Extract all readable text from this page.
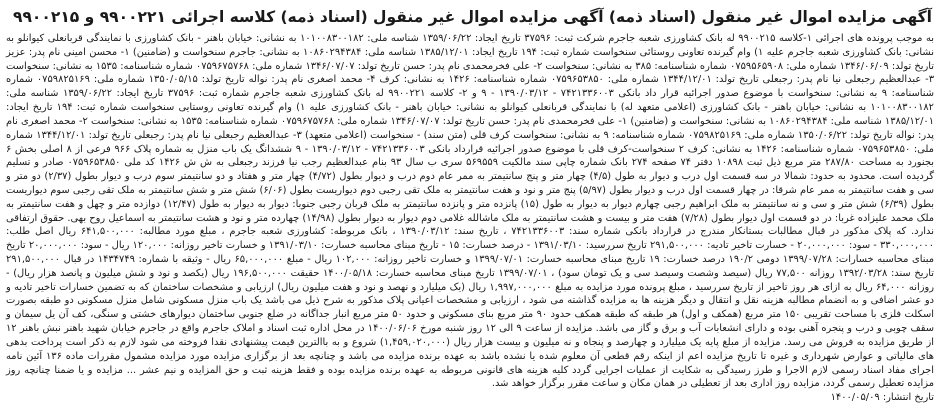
آگهی مزایده اموال غیر منقول (اسناد ذمه) آگهی مزایده اموال غیر منقول (اسناد ذمه) کلاسه اجرائی ۹۹۰۰۲۲۱ و ۹۹۰۰۲۱۵

به موجب پرونده های اجرائی ۱-کلاسه ۹۹۰۰۲۱۵ له بانک کشاورزی شعبه جاجرم شرکت ثبت: ۳۷۵۹۶ تاریخ ایجاد: ۱۳۵۹/۰۶/۲۲ شناسه ملی: ۱۰۱۰۰۸۳۰۰۱۸۲ به نشانی: خیابان باهنر - بانک کشاورزی با نمایندگی قربانعلی کیوانلو به نشانی: بانک کشاورزی شعبه جاجرم علیه ۱) وام گیرنده تعاونی روستائی سنخواست شماره ثبت: ۱۹۴ تاریخ ایجاد: ۱۳۸۵/۱۲/۰۱ شناسه ملی: ۱۰۸۶۰۲۹۴۳۸۴ به نشانی: جاجرم سنخواست و (ضامنین) ۱- محسن امینی نام پدر: عزیز تاریخ تولد: ۱۳۴۶/۰۶/۰۹ شماره ملی: ۰۷۵۹۵۶۵۹۰۸ شماره شناسنامه: ۳۸۵ به نشانی: سنخواست ۲- علی فخرمحمدی نام پدر: حسن تاریخ تولد: ۱۳۴۶/۰۷/۰۷ شماره ملی: ۰۷۵۹۶۷۵۷۶۸ شماره شناسنامه: ۱۵۳۵ به نشانی: سنخواست ۳- عبدالعظیم رجبعلی نیا نام پدر: رجبعلی تاریخ تولد: ۱۳۴۴/۱۲/۰۱ شماره ملی: ۰۷۵۹۶۵۳۸۵۰ شماره شناسنامه: ۱۴۲۶ به نشانی: کرف ۴- محمد اصغری نام پدر: نواله تاریخ تولد: ۱۳۵۰/۰۵/۱۵ شماره ملی: ۰۷۵۹۸۲۵۱۶۹ شماره شناسنامه: ۹ به نشانی: سنخواست با موضوع صدور اجرائیه قرار داد بانکی ۷۴۲۱۳۳۶۰۰۳ - ۱۳۹۰/۰۳/۱۲ - ۹ و ۲- کلاسه ۹۹۰۰۲۲۱ له بانک کشاورزی شعبه جاجرم شماره ثبت: ۳۷۵۹۶ تاریخ ایجاد: ۱۳۵۹/۰۶/۲۲ شناسه ملی: ۱۰۱۰۰۸۳۰۰۱۸۲ به نشانی: خیابان باهنر - بانک کشاورزی (اعلامی متعهد له) با نمایندگی قربانعلی کیوانلو به نشانی: خیابان باهنر - بانک کشاورزی علیه ۱) وام گیرنده تعاونی روستایی سنخواست شماره ثبت: ۱۹۴ تاریخ ایجاد: ۱۳۸۵/۱۲/۰۱ شناسه ملی: ۱۰۸۶۰۲۹۴۳۸۴ به نشانی: سنخواست و (ضامنین) ۱- علی فخرمحمدی نام پدر: حسن تاریخ تولد: ۱۳۴۶/۰۷/۰۷ شماره ملی: ۰۷۵۹۶۷۵۷۶۸ شماره شناسنامه: ۱۵۳۵ به نشانی: سنخواست ۲- محمد اصغری نام پدر: نواله تاریخ تولد: ۱۳۵۰/۰۶/۲۲ شماره ملی: ۰۷۵۹۸۲۵۱۶۹ شماره شناسنامه: ۹ به نشانی: سنخواست کرف قلی (متن سند) - سنخواست (اعلامی متعهد) ۳- عبدالعظیم رجبعلی نیا نام پدر: رجبعلی تاریخ تولد: ۱۳۴۴/۱۲/۰۱ شماره ملی: ۰۷۵۹۶۵۳۸۵۰ شماره شناسنامه: ۱۴۲۶ به نشانی: کرف ۲ سنخواست-کرف قلی با موضوع صدور اجرائیه قرارداد بانکی ۷۴۲۱۳۳۶۰۰۳ - ۱۳۹۰/۰۳/۱۲ - ۹ ششدانگ یک باب منزل به شماره پلاک ۹۶۶ فرعی از ۸ اصلی بخش ۶ بجنورد به مساحت ۲۸۷/۸۰ متر مربع ذیل ثبت ۱۰۸۹۸ دفتر ۷۴ صفحه ۲۷۴ بانک شماره چاپی سند مالکیت ۵۶۹۵۵۹ سری ب سال ۹۳ بنام عبدالعظیم رجب نیا فرزند رجبعلی به ش ش ۱۴۲۶ کد ملی ۰۷۵۹۶۵۳۸۵۰ صادر و تسلیم گردیده است. محدود به حدود: شمالا در سه قسمت اول درب و دیوار به طول (۴/۵) چهار متر و پنج سانتیمتر به ممر عام دوم درب و دیوار بطول (۴/۷۲) چهار متر و هفتاد و دو سانتیمتر سوم درب و دیوار بطول (۲/۳۷) دو متر و سی و هفت سانتیمتر به ممر عام شرقا: در چهار قسمت اول درب و دیوار بطول (۵/۹۷) پنج متر و نود و هفت سانتیمتر به ملک تقی رجبی دوم دیواریست بطول (۶/۰۶) شش متر و شش سانتیمتر به ملک تقی رجبی سوم دیواریست بطول (۶/۳۹) شش متر و سی و نه سانتیمتر به ملک ابراهیم رجبی چهارم دیوار به دیوار به طول (۱۵) پانزده متر و پانزده سانتیمتر به ملک قربان رجبی جنوبا: دیوار به دیوار به طول (۱۲/۴۷) دوازده متر و چهل و هفت سانتیمتر به ملک محمد علیزاده غربا: در دو قسمت اول دیوار بطول (۷/۲۸) هفت متر و بیست و هشت سانتیمتر به ملک ماشالله غلامی دوم دیوار به دیوار بطول (۱۴/۹۸) چهارده متر و نود و هشت سانتیمتر به اسماعیل روح بهی. حقوق ارتفاقی ندارد. که پلاک مذکور در قبال مطالبات بستانکار مندرج در قرارداد بانکی شماره سند: ۷۴۲۱۳۳۶۰۰۳ ، تاریخ سند: ۱۳۹۰/۰۳/۱۲ ، بانک مربوطه: کشاورزی شعبه جاجرم ، مبلغ مورد مطالبه: ۶۴۱,۵۰۰,۰۰۰ ریال اصل طلب: ۳۳۰,۰۰۰,۰۰۰ - سود: ۲۰,۰۰۰,۰۰۰ - خسارت تاخیر تادیه: ۲۹۱,۵۰۰,۰۰۰ تاریخ سررسید: ۱۳۹۱/۰۳/۱۰ - درصد خسارت: ۱۵ - تاریخ مبنای محاسبه خسارت: ۱۳۹۱/۰۳/۱۰ و خسارت تاخیر روزانه: ۱۲۰,۰۰۰ ریال - سود: ۲۰,۰۰۰,۰۰۰ تاریخ مبنای محاسبه خسارات: ۱۳۹۹/۰۷/۲۸ دومی ۱۹۰/۲ درصد خسارت: ۱۹ تاریخ مبنای محاسبه خسارت: ۱۳۹۹/۰۷/۰۱ و خسارت تاخیر روزانه: ۱۰۲,۰۰۰ ریال - مبلغ ۶۵,۰۰۰,۰۰۰ ریال - وثیقه با شماره: ۱۴۳۴۷۴۹ در قبال ۲۹۱,۵۰۰,۰۰۰ تاریخ سند: ۱۳۹۲/۰۳/۲۸ روزانه ۷۷,۵۰۰ ریال (سیصد وشصت وسیصد سی و یک تومان سود) ، ۱۳۹۹/۰۷/۰۱ تاریخ مبنای محاسبه خسارت: ۱۴۰۰/۰۵/۱۸ حقیقت ۱۹۶,۵۰۰,۰۰۰ ریال (یکصد و نود و شش میلیون و پانصد هزار ریال) - روزانه ۶۴,۰۰۰ ریال به ازای هر روز تاخیر از تاریخ سررسید ، مبلغ پرونده مورد مزایده به مبلغ ۱,۹۹۷,۰۰۰,۰۰۰ ریال (یک میلیارد و نهصد و نود و هفت میلیون ریال) ارزیابی و مشخصات ساختمان که به تضمین خسارات تاخیر تادیه و دو عشر اضافی و به انضمام مطالبه هزینه نقل و انتقال و دیگر هزینه ها به مزایده گذاشته می شود ، ارزیابی و مشخصات اعیانی پلاک مذکور به شرح ذیل می باشد یک باب منزل مسکونی شامل منزل مسکونی دو طبقه بصورت اسکلت فلزی با مساحت تقریبی ۱۵۰ متر مربع (همکف و اول) هر طبقه که طبقه همکف حدود ۹۰ متر مربع بنای مسکونی و حدود ۵۰ متر مربع انبار جداگانه در ضلع جنوبی ساختمان دیوارهای خشتی و سنگی، کف آن یل سیمان و سقف چوبی و درب و پنجره آهنی بوده و دارای انشعابات آب و برق و گاز می باشد. مزایده از ساعت ۹ الی ۱۲ روز شنبه مورخ ۱۴۰۰/۰۶/۰۶ در محل اداره ثبت اسناد و املاک جاجرم واقع در جاجرم خیابان شهید باهنر نبش باهنر ۱۲ از طریق مزایده به فروش می رسد. مزایده از مبلغ پایه یک میلیارد و چهارصد و پنجاه و نه میلیون و بیست هزار ریال (۱,۴۵۹,۰۲۰,۰۰۰) شروع و به باالترین قیمت پیشنهادی نقدا فروخته می شود لازم به ذکر است پرداخت بدهی های مالیاتی و عوارض شهرداری و غیره تا تاریخ مزایده اعم از اینکه رقم قطعی آن معلوم شده یا نشده باشد به عهده برنده مزایده می باشد و چنانچه بعد از برگزاری مزایده مورد مزایده مشمول مقررات ماده ۱۳۶ آئین نامه اجرای مفاد اسناد رسمی لازم الاجرا و طرز رسیدگی به شکایت از عملیات اجرایی گردد کلیه هزینه های قانونی مربوطه به عهده برنده مزایده بوده و فقط هزینه ثبت و حق المزایده و نیم عشر ... مزایده و یا ضمنا چنانچه روز مزایده تعطیل رسمی گردد، مزایده روز اداری بعد از تعطیلی در همان مکان و ساعت مقرر برگزار خواهد شد.
تاریخ انتشار: ۱۴۰۰/۰۵/۰۹
